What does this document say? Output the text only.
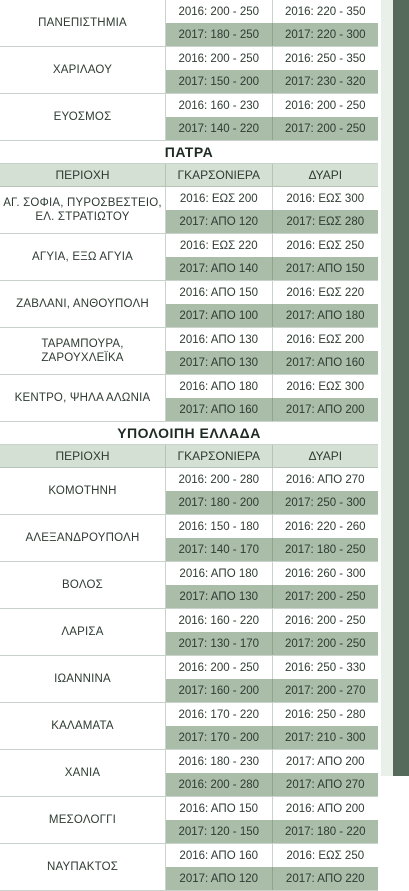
ΠΑΝΕΠΙΣΤΗΜΙΑ
2016: 200 - 250	2016: 220 - 350
2017: 180 - 250	2017: 220 - 300
ΧΑΡΙΛΑΟΥ
2016: 200 - 250	2016: 250 - 350
2017: 150 - 200	2017: 230 - 320
ΕΥΟΣΜΟΣ
2016: 160 - 230	2016: 200 - 250
2017: 140 - 220	2017: 200 - 250
ΠΑΤΡΑ
ΠΕΡΙΟΧΗ	ΓΚΑΡΣΟΝΙΕΡΑ	ΔΥΑΡΙ
ΑΓ. ΣΟΦΙΑ, ΠΥΡΟΣΒΕΣΤΕΙΟ, ΕΛ. ΣΤΡΑΤΙΩΤΟΥ
2016: ΕΩΣ 200	2016: ΕΩΣ 300
2017: ΑΠΟ 120	2017: ΕΩΣ 280
ΑΓΥΙΑ, ΕΞΩ ΑΓΥΙΑ
2016: ΕΩΣ 220	2016: ΕΩΣ 250
2017: ΑΠΟ 140	2017: ΑΠΟ 150
ΖΑΒΛΑΝΙ, ΑΝΘΟΥΠΟΛΗ
2016: ΑΠΟ 150	2016: ΕΩΣ 220
2017: ΑΠΟ 100	2017: ΑΠΟ 180
ΤΑΡΑΜΠΟΥΡΑ, ΖΑΡΟΥΧΛΕΪΚΑ
2016: ΑΠΟ 130	2016: ΕΩΣ 200
2017: ΑΠΟ 130	2017: ΑΠΟ 160
ΚΕΝΤΡΟ, ΨΗΛΑ ΑΛΩΝΙΑ
2016: ΑΠΟ 180	2016: ΕΩΣ 300
2017: ΑΠΟ 160	2017: ΑΠΟ 200
ΥΠΟΛΟΙΠΗ ΕΛΛΑΔΑ
ΠΕΡΙΟΧΗ	ΓΚΑΡΣΟΝΙΕΡΑ	ΔΥΑΡΙ
ΚΟΜΟΤΗΝΗ
2016: 200 - 280	2016: ΑΠΟ 270
2017: 180 - 200	2017: 250 - 300
ΑΛΕΞΑΝΔΡΟΥΠΟΛΗ
2016: 150 - 180	2016: 220 - 260
2017: 140 - 170	2017: 180 - 250
ΒΟΛΟΣ
2016: ΑΠΟ 180	2016: 260 - 300
2017: ΑΠΟ 130	2017: 200 - 250
ΛΑΡΙΣΑ
2016: 160 - 220	2016: 200 - 250
2017: 130 - 170	2017: 200 - 250
ΙΩΑΝΝΙΝΑ
2016: 200 - 250	2016: 250 - 330
2017: 160 - 200	2017: 200 - 270
ΚΑΛΑΜΑΤΑ
2016: 170 - 220	2016: 250 - 280
2017: 170 - 200	2017: 210 - 300
ΧΑΝΙΑ
2016: 180 - 230	2017: ΑΠΟ 200
2016: 200 - 280	2017: ΑΠΟ 270
ΜΕΣΟΛΟΓΓΙ
2016: ΑΠΟ 150	2016: ΑΠΟ 200
2017: 120 - 150	2017: 180 - 220
ΝΑΥΠΑΚΤΟΣ
2016: ΑΠΟ 160	2016: ΕΩΣ 250
2017: ΑΠΟ 120	2017: ΑΠΟ 220
